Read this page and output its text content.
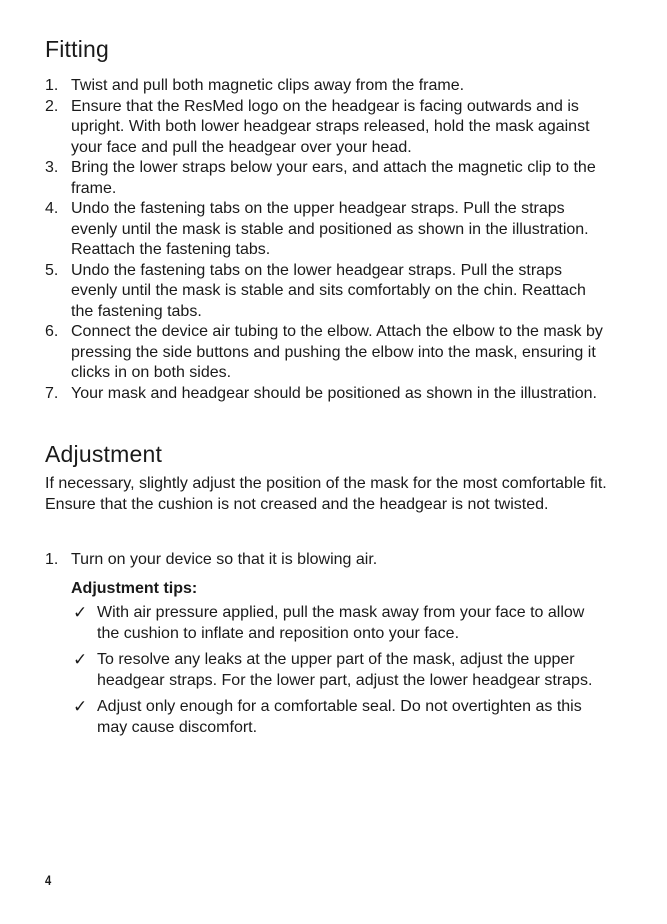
Fitting
1. Twist and pull both magnetic clips away from the frame.
2. Ensure that the ResMed logo on the headgear is facing outwards and is upright. With both lower headgear straps released, hold the mask against your face and pull the headgear over your head.
3. Bring the lower straps below your ears, and attach the magnetic clip to the frame.
4. Undo the fastening tabs on the upper headgear straps. Pull the straps evenly until the mask is stable and positioned as shown in the illustration. Reattach the fastening tabs.
5. Undo the fastening tabs on the lower headgear straps. Pull the straps evenly until the mask is stable and sits comfortably on the chin. Reattach the fastening tabs.
6. Connect the device air tubing to the elbow. Attach the elbow to the mask by pressing the side buttons and pushing the elbow into the mask, ensuring it clicks in on both sides.
7. Your mask and headgear should be positioned as shown in the illustration.
Adjustment

If necessary, slightly adjust the position of the mask for the most comfortable fit. Ensure that the cushion is not creased and the headgear is not twisted.

1. Turn on your device so that it is blowing air.

Adjustment tips:

✓ With air pressure applied, pull the mask away from your face to allow the cushion to inflate and reposition onto your face.
✓ To resolve any leaks at the upper part of the mask, adjust the upper headgear straps. For the lower part, adjust the lower headgear straps.
✓ Adjust only enough for a comfortable seal. Do not overtighten as this may cause discomfort.
4
